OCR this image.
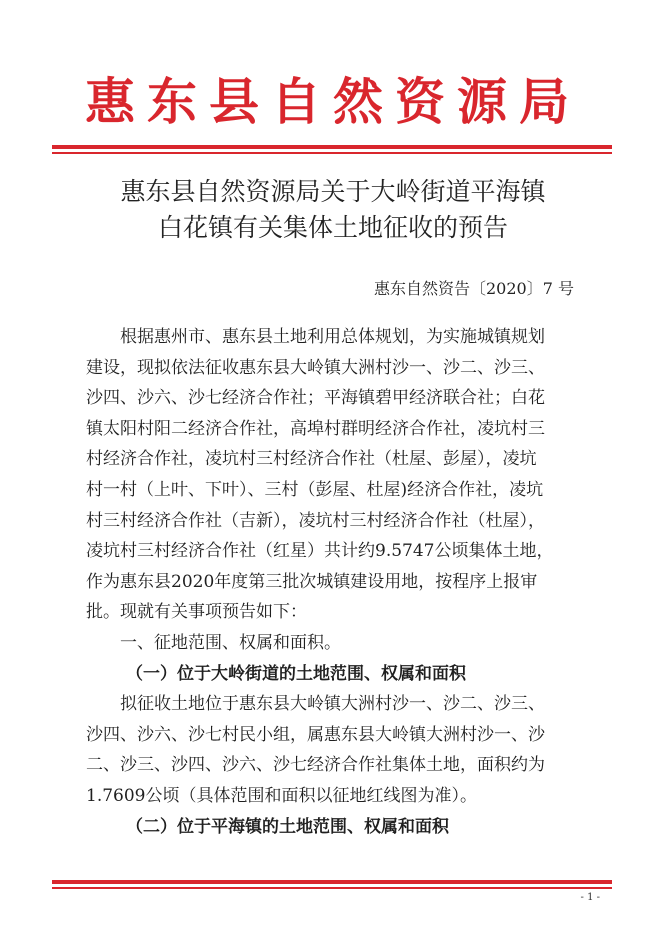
惠东县自然资源局
惠东县自然资源局关于大岭街道平海镇
白花镇有关集体土地征收的预告
惠东自然资告〔2020〕7 号
根据惠州市、惠东县土地利用总体规划，为实施城镇规划
建设，现拟依法征收惠东县大岭镇大洲村沙一、沙二、沙三、
沙四、沙六、沙七经济合作社；平海镇碧甲经济联合社；白花
镇太阳村阳二经济合作社，高埠村群明经济合作社，凌坑村三
村经济合作社，凌坑村三村经济合作社（杜屋、彭屋），凌坑
村一村（上叶、下叶）、三村（彭屋、杜屋)经济合作社，凌坑
村三村经济合作社（吉新），凌坑村三村经济合作社（杜屋），
凌坑村三村经济合作社（红星）共计约9.5747公顷集体土地，
作为惠东县2020年度第三批次城镇建设用地，按程序上报审
批。现就有关事项预告如下：
一、征地范围、权属和面积。
（一）位于大岭街道的土地范围、权属和面积
拟征收土地位于惠东县大岭镇大洲村沙一、沙二、沙三、
沙四、沙六、沙七村民小组，属惠东县大岭镇大洲村沙一、沙
二、沙三、沙四、沙六、沙七经济合作社集体土地，面积约为
1.7609公顷（具体范围和面积以征地红线图为准）。
（二）位于平海镇的土地范围、权属和面积
- 1 -
